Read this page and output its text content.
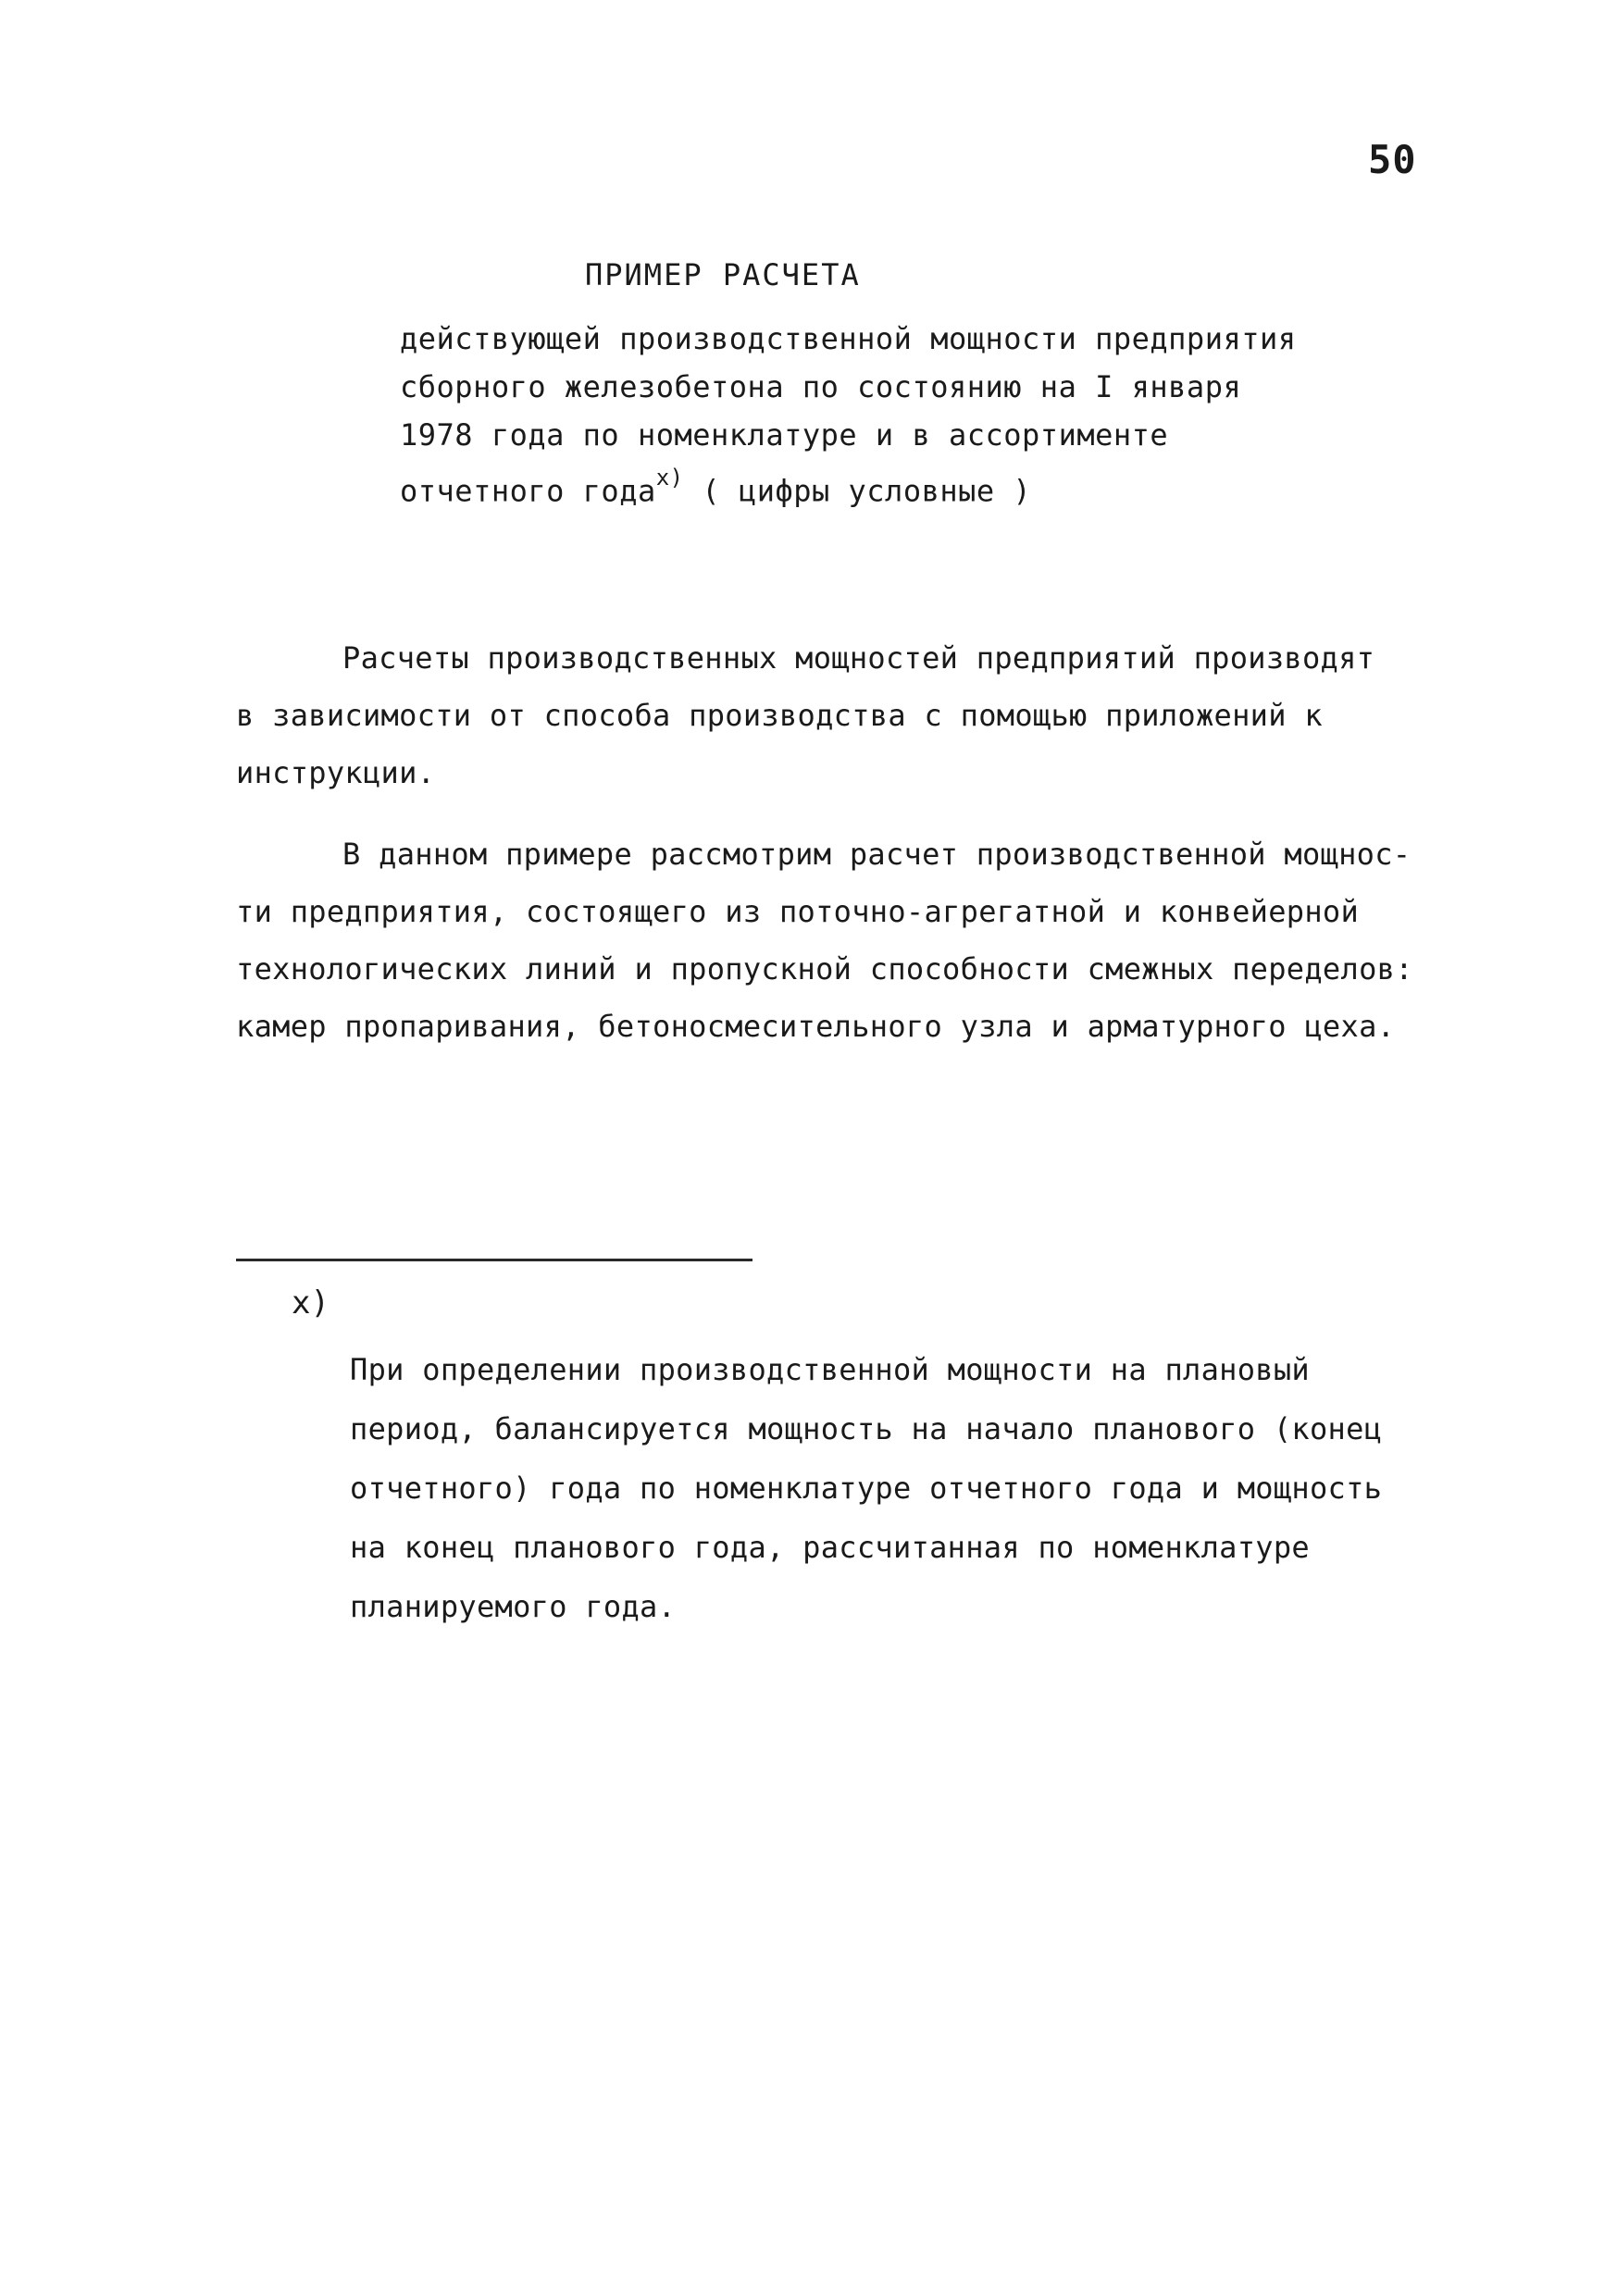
50
ПРИМЕР РАСЧЕТА
действующей производственной мощности предприятия
сборного железобетона по состоянию на I января
1978 года по номенклатуре и в ассортименте
отчетного года$^{x)}$ ( цифры условные )
Расчеты производственных мощностей предприятий производят
в зависимости от способа производства с помощью приложений к
инструкции.
В данном примере рассмотрим расчет производственной мощнос-
ти предприятия, состоящего из поточно-агрегатной и конвейерной
технологических линий и пропускной способности смежных переделов:
камер пропаривания, бетоносмесительного узла и арматурного цеха.
x)
При определении производственной мощности на плановый
период, балансируется мощность на начало планового (конец
отчетного) года по номенклатуре отчетного года и мощность
на конец планового года, рассчитанная по номенклатуре
планируемого года.
